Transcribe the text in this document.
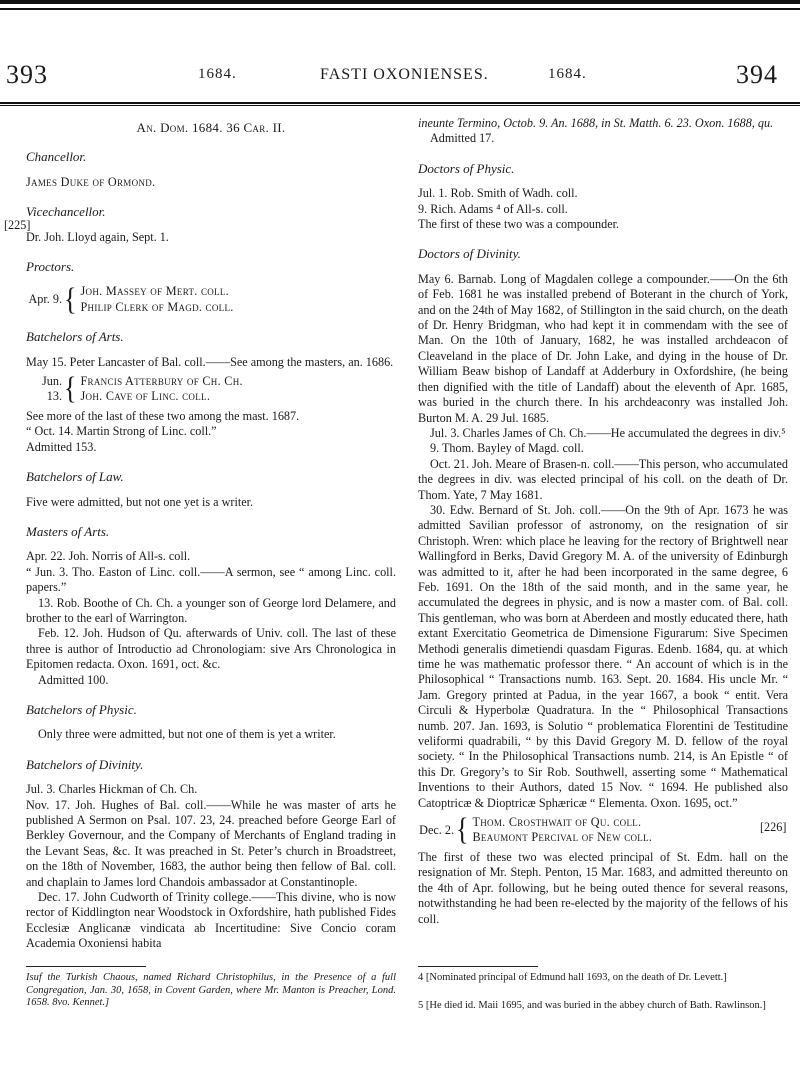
393	1684.	FASTI OXONIENSES.	1684.	394
[225]
[226]

An. Dom. 1684. 36 Car. II.

Chancellor.

James Duke of Ormond.

Vicechancellor.

Dr. Joh. Lloyd again, Sept. 1.

Proctors.

Apr. 9. { Joh. Massey of Mert. coll.
Philip Clerk of Magd. coll.

Batchelors of Arts.

May 15. Peter Lancaster of Bal. coll.——See among the masters, an. 1686.

Jun. 13. { Francis Atterbury of Ch. Ch.
Joh. Cave of Linc. coll.

See more of the last of these two among the mast. 1687.

“ Oct. 14. Martin Strong of Linc. coll.”

Admitted 153.

Batchelors of Law.

Five were admitted, but not one yet is a writer.

Masters of Arts.

Apr. 22. Joh. Norris of All-s. coll.

“ Jun. 3. Tho. Easton of Linc. coll.——A sermon, see “ among Linc. coll. papers.”

13. Rob. Boothe of Ch. Ch. a younger son of George lord Delamere, and brother to the earl of Warrington.

Feb. 12. Joh. Hudson of Qu. afterwards of Univ. coll. The last of these three is author of Introductio ad Chronologiam: sive Ars Chronologica in Epitomen redacta. Oxon. 1691, oct. &c.

Admitted 100.

Batchelors of Physic.

Only three were admitted, but not one of them is yet a writer.

Batchelors of Divinity.

Jul. 3. Charles Hickman of Ch. Ch.

Nov. 17. Joh. Hughes of Bal. coll.——While he was master of arts he published A Sermon on Psal. 107. 23, 24. preached before George Earl of Berkley Governour, and the Company of Merchants of England trading in the Levant Seas, &c. It was preached in St. Peter’s church in Broadstreet, on the 18th of November, 1683, the author being then fellow of Bal. coll. and chaplain to James lord Chandois ambassador at Constantinople.

Dec. 17. John Cudworth of Trinity college.——This divine, who is now rector of Kiddlington near Woodstock in Oxfordshire, hath published Fides Ecclesiæ Anglicanæ vindicata ab Incertitudine: Sive Concio coram Academia Oxoniensi habita

ineunte Termino, Octob. 9. An. 1688, in St. Matth. 6. 23. Oxon. 1688, qu.

Admitted 17.

Doctors of Physic.

Jul. 1. Rob. Smith of Wadh. coll.

9. Rich. Adams ⁴ of All-s. coll.

The first of these two was a compounder.

Doctors of Divinity.

May 6. Barnab. Long of Magdalen college a compounder.——On the 6th of Feb. 1681 he was installed prebend of Boterant in the church of York, and on the 24th of May 1682, of Stillington in the said church, on the death of Dr. Henry Bridgman, who had kept it in commendam with the see of Man. On the 10th of January, 1682, he was installed archdeacon of Cleaveland in the place of Dr. John Lake, and dying in the house of Dr. William Beaw bishop of Landaff at Adderbury in Oxfordshire, (he being then dignified with the title of Landaff) about the eleventh of Apr. 1685, was buried in the church there. In his archdeaconry was installed Joh. Burton M. A. 29 Jul. 1685.

Jul. 3. Charles James of Ch. Ch.——He accumulated the degrees in div.⁵

9. Thom. Bayley of Magd. coll.

Oct. 21. Joh. Meare of Brasen-n. coll.——This person, who accumulated the degrees in div. was elected principal of his coll. on the death of Dr. Thom. Yate, 7 May 1681.

30. Edw. Bernard of St. Joh. coll.——On the 9th of Apr. 1673 he was admitted Savilian professor of astronomy, on the resignation of sir Christoph. Wren: which place he leaving for the rectory of Brightwell near Wallingford in Berks, David Gregory M. A. of the university of Edinburgh was admitted to it, after he had been incorporated in the same degree, 6 Feb. 1691. On the 18th of the said month, and in the same year, he accumulated the degrees in physic, and is now a master com. of Bal. coll. This gentleman, who was born at Aberdeen and mostly educated there, hath extant Exercitatio Geometrica de Dimensione Figurarum: Sive Specimen Methodi generalis dimetiendi quasdam Figuras. Edenb. 1684, qu. at which time he was mathematic professor there. “ An account of which is in the Philosophical “ Transactions numb. 163. Sept. 20. 1684. His uncle Mr. “ Jam. Gregory printed at Padua, in the year 1667, a book “ entit. Vera Circuli & Hyperbolæ Quadratura. In the “ Philosophical Transactions numb. 207. Jan. 1693, is Solutio “ problematica Florentini de Testitudine veliformi quadrabili, “ by this David Gregory M. D. fellow of the royal society. “ In the Philosophical Transactions numb. 214, is An Epistle “ of this Dr. Gregory’s to Sir Rob. Southwell, asserting some “ Mathematical Inventions to their Authors, dated 15 Nov. “ 1694. He published also Catoptricæ & Dioptricæ Sphæricæ “ Elementa. Oxon. 1695, oct.”

Dec. 2. { Thom. Crosthwait of Qu. coll.
Beaumont Percival of New coll.

The first of these two was elected principal of St. Edm. hall on the resignation of Mr. Steph. Penton, 15 Mar. 1683, and admitted thereunto on the 4th of Apr. following, but he being outed thence for several reasons, notwithstanding he had been re-elected by the majority of the fellows of his coll.

Isuf the Turkish Chaous, named Richard Christophilus, in the Presence of a full Congregation, Jan. 30, 1658, in Covent Garden, where Mr. Manton is Preacher, Lond. 1658. 8vo. Kennet.]
4 [Nominated principal of Edmund hall 1693, on the death of Dr. Levett.]
5 [He died id. Maii 1695, and was buried in the abbey church of Bath. Rawlinson.]
